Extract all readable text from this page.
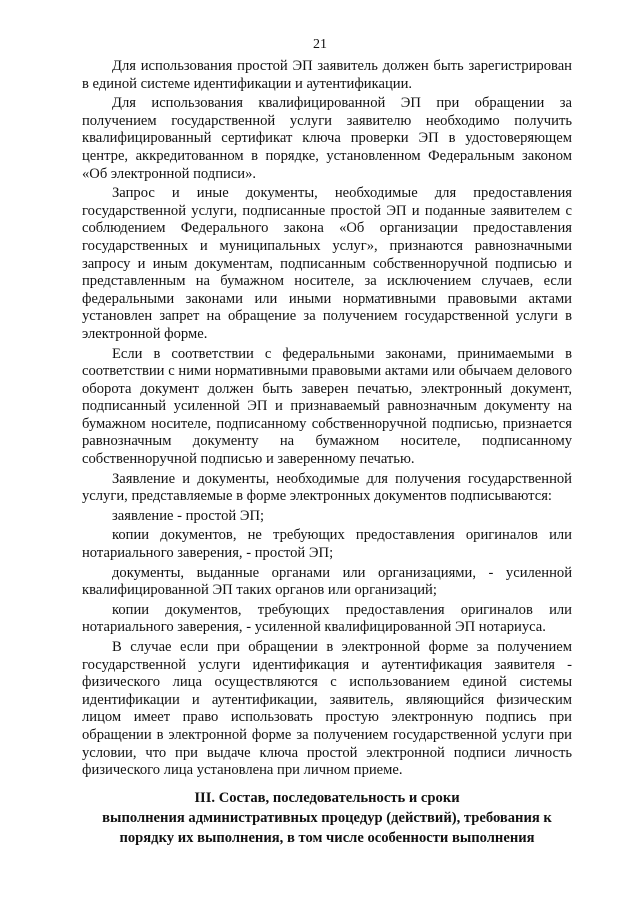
21

Для использования простой ЭП заявитель должен быть зарегистрирован в единой системе идентификации и аутентификации.

Для использования квалифицированной ЭП при обращении за получением государственной услуги заявителю необходимо получить квалифицированный сертификат ключа проверки ЭП в удостоверяющем центре, аккредитованном в порядке, установленном Федеральным законом «Об электронной подписи».

Запрос и иные документы, необходимые для предоставления государственной услуги, подписанные простой ЭП и поданные заявителем с соблюдением Федерального закона «Об организации предоставления государственных и муниципальных услуг», признаются равнозначными запросу и иным документам, подписанным собственноручной подписью и представленным на бумажном носителе, за исключением случаев, если федеральными законами или иными нормативными правовыми актами установлен запрет на обращение за получением государственной услуги в электронной форме.

Если в соответствии с федеральными законами, принимаемыми в соответствии с ними нормативными правовыми актами или обычаем делового оборота документ должен быть заверен печатью, электронный документ, подписанный усиленной ЭП и признаваемый равнозначным документу на бумажном носителе, подписанному собственноручной подписью, признается равнозначным документу на бумажном носителе, подписанному собственноручной подписью и заверенному печатью.

Заявление и документы, необходимые для получения государственной услуги, представляемые в форме электронных документов подписываются:

заявление - простой ЭП;

копии документов, не требующих предоставления оригиналов или нотариального заверения, - простой ЭП;

документы, выданные органами или организациями, - усиленной квалифицированной ЭП таких органов или организаций;

копии документов, требующих предоставления оригиналов или нотариального заверения, - усиленной квалифицированной ЭП нотариуса.

В случае если при обращении в электронной форме за получением государственной услуги идентификация и аутентификация заявителя - физического лица осуществляются с использованием единой системы идентификации и аутентификации, заявитель, являющийся физическим лицом имеет право использовать простую электронную подпись при обращении в электронной форме за получением государственной услуги при условии, что при выдаче ключа простой электронной подписи личность физического лица установлена при личном приеме.

III. Состав, последовательность и сроки
выполнения административных процедур (действий), требования к
порядку их выполнения, в том числе особенности выполнения
